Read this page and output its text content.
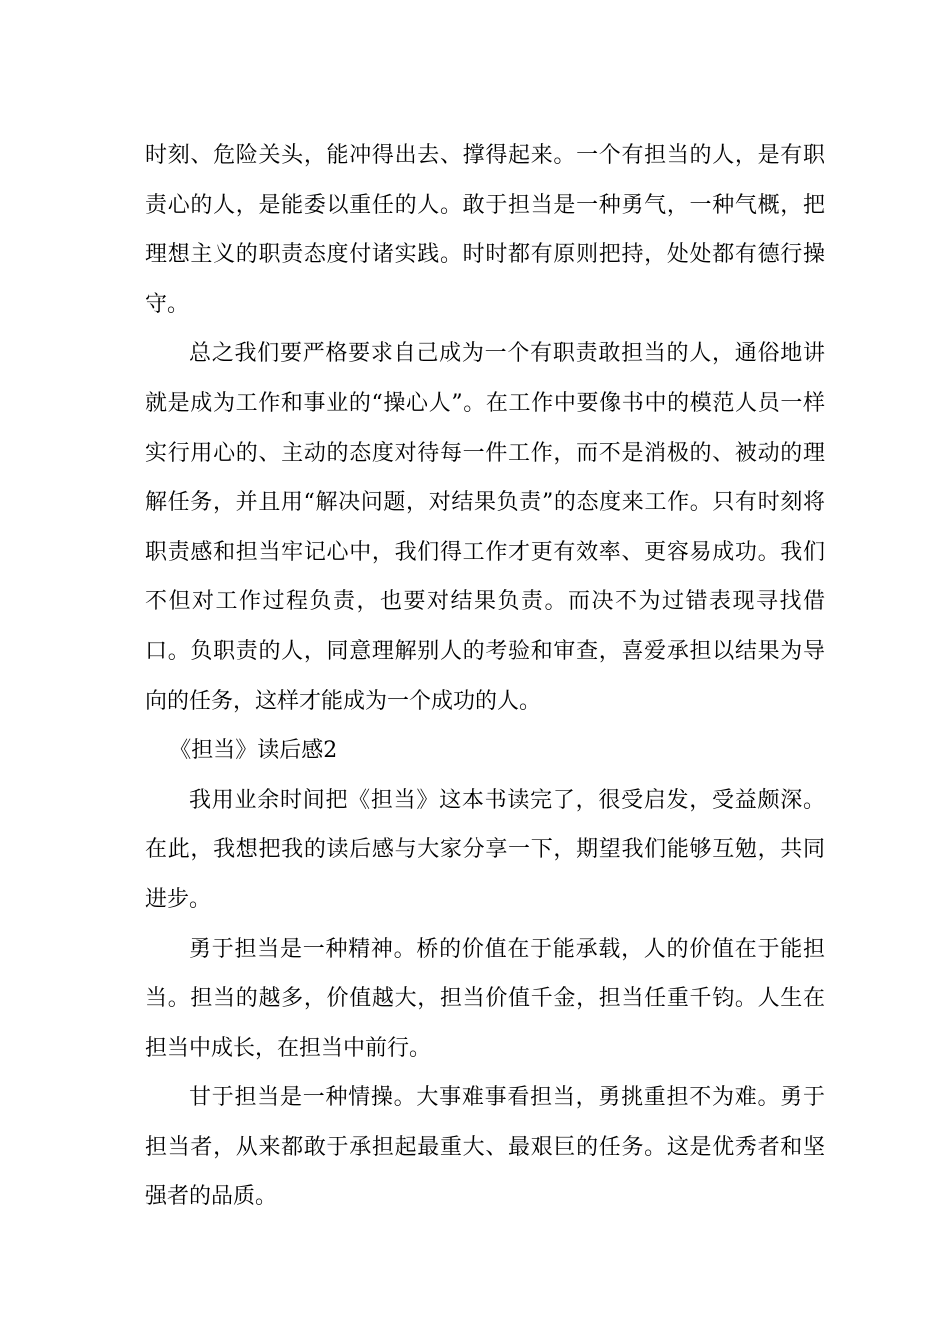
时刻、危险关头，能冲得出去、撑得起来。一个有担当的人，是有职责心的人，是能委以重任的人。敢于担当是一种勇气，一种气概，把理想主义的职责态度付诸实践。时时都有原则把持，处处都有德行操守。

总之我们要严格要求自己成为一个有职责敢担当的人，通俗地讲就是成为工作和事业的“操心人”。在工作中要像书中的模范人员一样实行用心的、主动的态度对待每一件工作，而不是消极的、被动的理解任务，并且用“解决问题，对结果负责”的态度来工作。只有时刻将职责感和担当牢记心中，我们得工作才更有效率、更容易成功。我们不但对工作过程负责，也要对结果负责。而决不为过错表现寻找借口。负职责的人，同意理解别人的考验和审查，喜爱承担以结果为导向的任务，这样才能成为一个成功的人。

《担当》读后感2

我用业余时间把《担当》这本书读完了，很受启发，受益颇深。在此，我想把我的读后感与大家分享一下，期望我们能够互勉，共同进步。

勇于担当是一种精神。桥的价值在于能承载，人的价值在于能担当。担当的越多，价值越大，担当价值千金，担当任重千钧。人生在担当中成长，在担当中前行。

甘于担当是一种情操。大事难事看担当，勇挑重担不为难。勇于担当者，从来都敢于承担起最重大、最艰巨的任务。这是优秀者和坚强者的品质。
